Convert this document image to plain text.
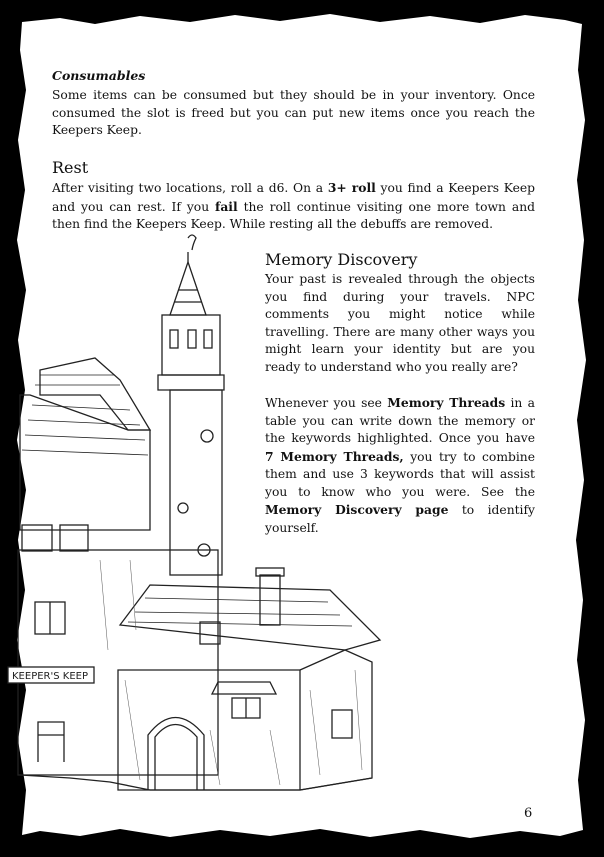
Consumables
Some items can be consumed but they should be in your inventory. Once consumed the slot is freed but you can put new items once you reach the Keepers Keep.
Rest
After visiting two locations, roll a d6. On a 3+ roll you find a Keepers Keep and you can rest. If you fail the roll continue visiting one more town and then find the Keepers Keep. While resting all the debuffs are removed.
Memory Discovery
Your past is revealed through the objects you find during your travels. NPC comments you might notice while travelling. There are many other ways you might learn your identity but are you ready to understand who you really are?
Whenever you see Memory Threads in a table you can write down the memory or the keywords highlighted. Once you have 7 Memory Threads, you try to combine them and use 3 keywords that will assist you to know who you were. See the Memory Discovery page to identify yourself.
KEEPER'S KEEP
6
